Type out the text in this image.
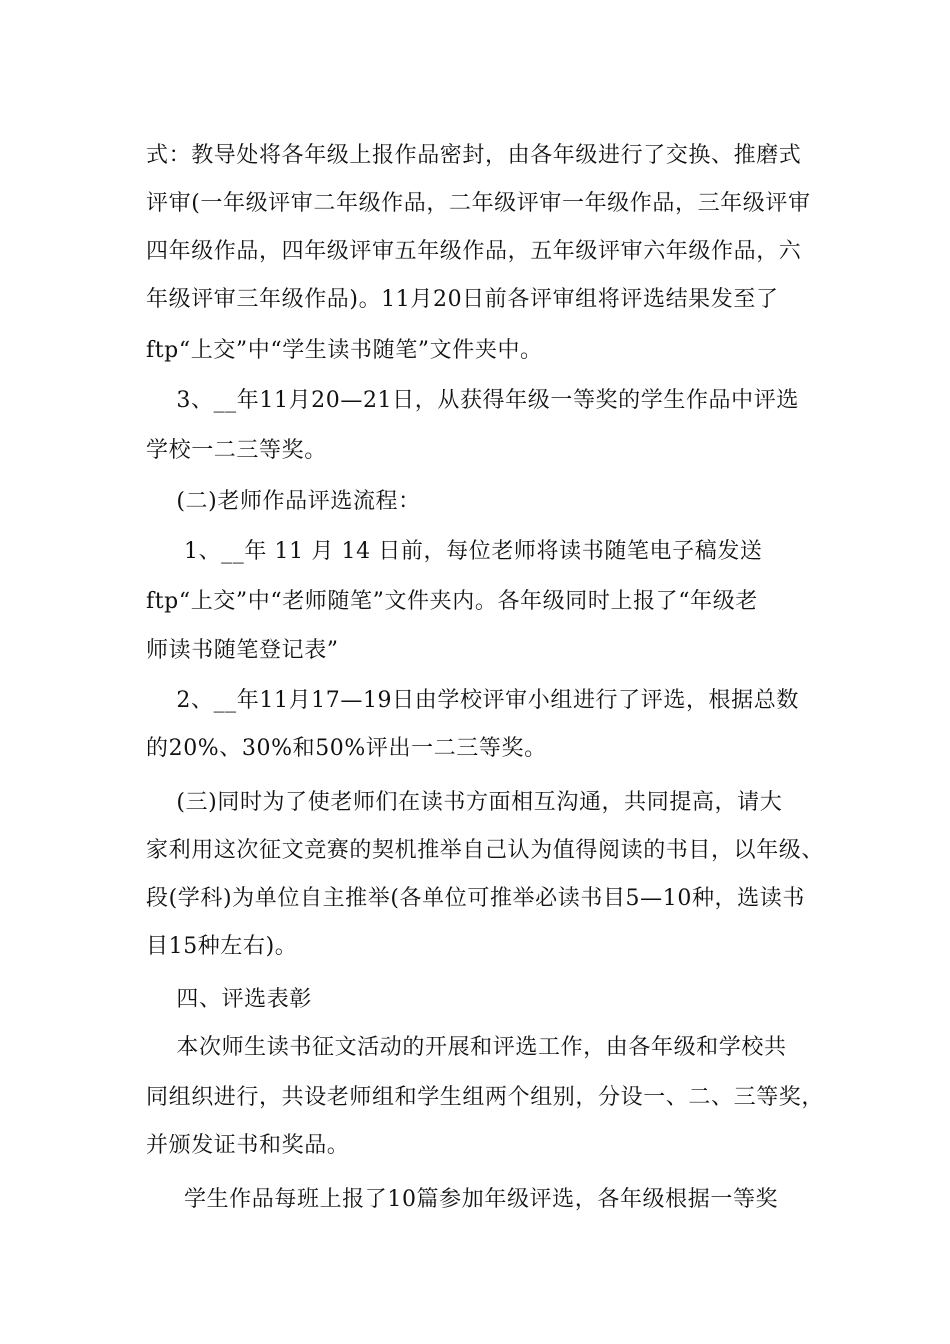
式：教导处将各年级上报作品密封，由各年级进行了交换、推磨式
评审(一年级评审二年级作品，二年级评审一年级作品，三年级评审
四年级作品，四年级评审五年级作品，五年级评审六年级作品，六
年级评审三年级作品)。11月20日前各评审组将评选结果发至了
ftp“上交”中“学生读书随笔”文件夹中。
3、__年11月20—21日，从获得年级一等奖的学生作品中评选
学校一二三等奖。
(二)老师作品评选流程：
1、__年 11 月 14 日前，每位老师将读书随笔电子稿发送
ftp“上交”中“老师随笔”文件夹内。各年级同时上报了“年级老
师读书随笔登记表”
2、__年11月17—19日由学校评审小组进行了评选，根据总数
的20%、30%和50%评出一二三等奖。
(三)同时为了使老师们在读书方面相互沟通，共同提高，请大
家利用这次征文竞赛的契机推举自己认为值得阅读的书目，以年级、
段(学科)为单位自主推举(各单位可推举必读书目5—10种，选读书
目15种左右)。
四、评选表彰
本次师生读书征文活动的开展和评选工作，由各年级和学校共
同组织进行，共设老师组和学生组两个组别，分设一、二、三等奖，
并颁发证书和奖品。
学生作品每班上报了10篇参加年级评选，各年级根据一等奖
